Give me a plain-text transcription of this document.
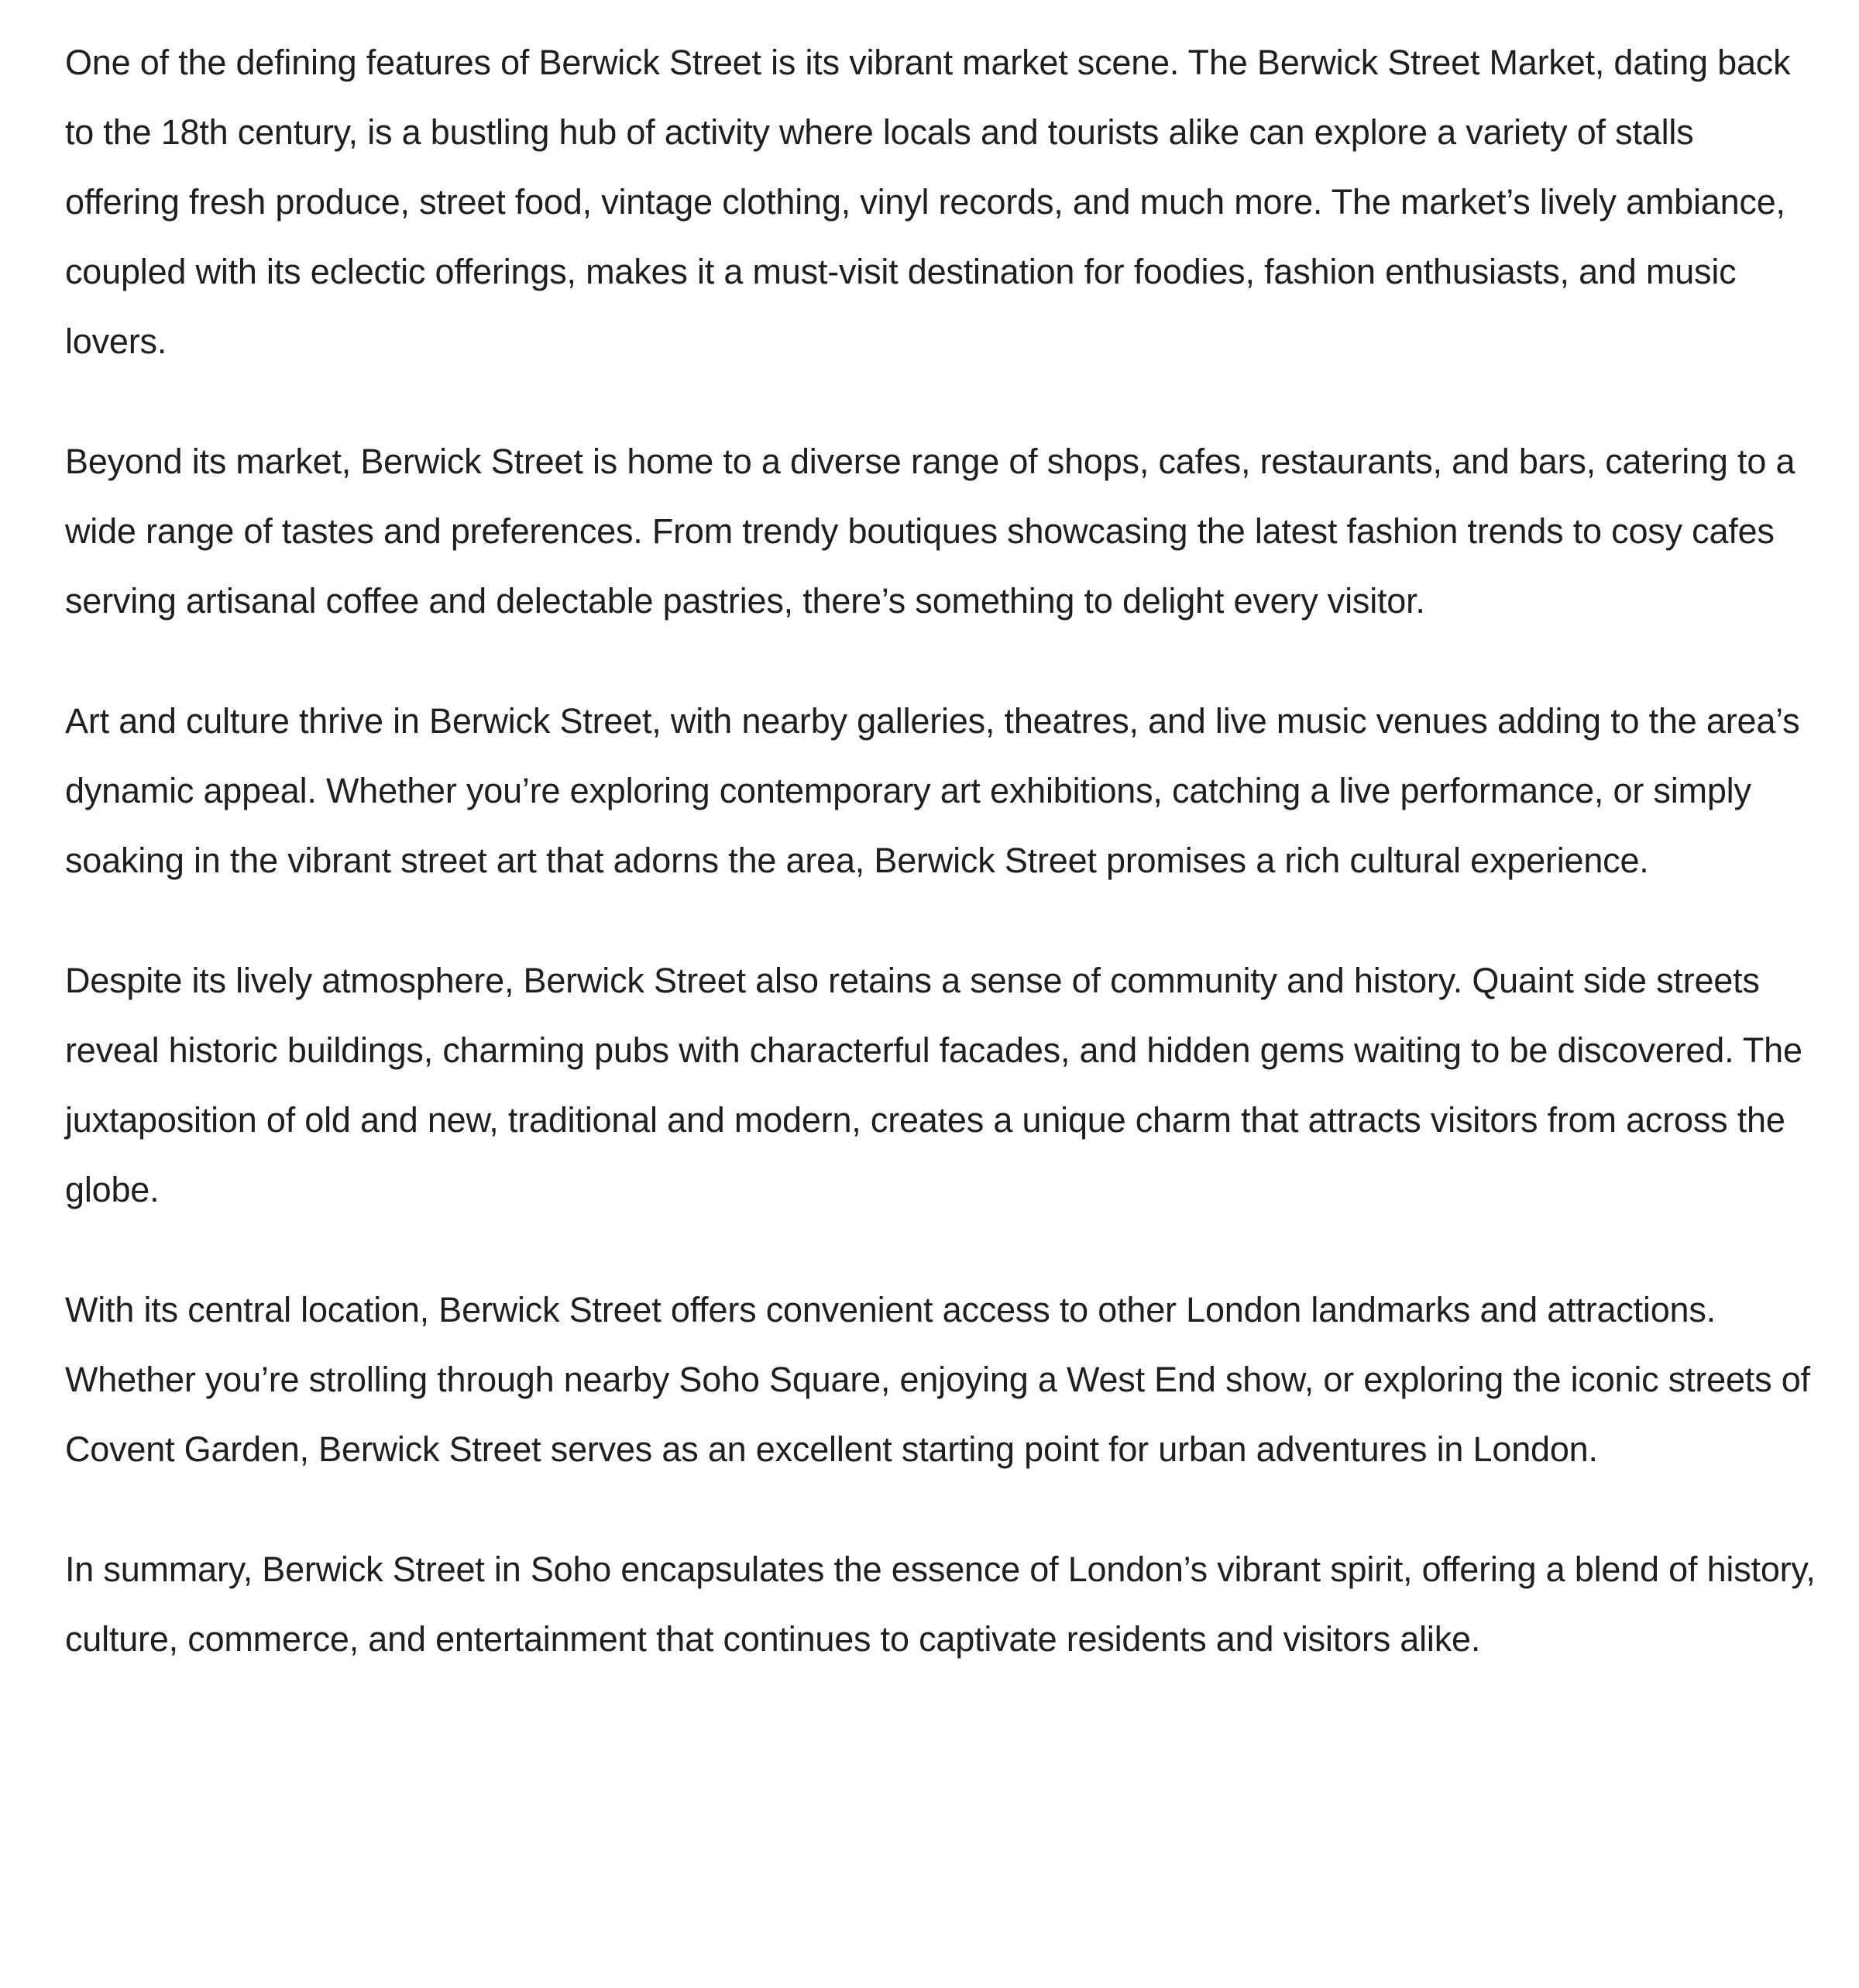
One of the defining features of Berwick Street is its vibrant market scene. The Berwick Street Market, dating back to the 18th century, is a bustling hub of activity where locals and tourists alike can explore a variety of stalls offering fresh produce, street food, vintage clothing, vinyl records, and much more. The market’s lively ambiance, coupled with its eclectic offerings, makes it a must-visit destination for foodies, fashion enthusiasts, and music lovers.

Beyond its market, Berwick Street is home to a diverse range of shops, cafes, restaurants, and bars, catering to a wide range of tastes and preferences. From trendy boutiques showcasing the latest fashion trends to cosy cafes serving artisanal coffee and delectable pastries, there’s something to delight every visitor.

Art and culture thrive in Berwick Street, with nearby galleries, theatres, and live music venues adding to the area’s dynamic appeal. Whether you’re exploring contemporary art exhibitions, catching a live performance, or simply soaking in the vibrant street art that adorns the area, Berwick Street promises a rich cultural experience.

Despite its lively atmosphere, Berwick Street also retains a sense of community and history. Quaint side streets reveal historic buildings, charming pubs with characterful facades, and hidden gems waiting to be discovered. The juxtaposition of old and new, traditional and modern, creates a unique charm that attracts visitors from across the globe.

With its central location, Berwick Street offers convenient access to other London landmarks and attractions. Whether you’re strolling through nearby Soho Square, enjoying a West End show, or exploring the iconic streets of Covent Garden, Berwick Street serves as an excellent starting point for urban adventures in London.

In summary, Berwick Street in Soho encapsulates the essence of London’s vibrant spirit, offering a blend of history, culture, commerce, and entertainment that continues to captivate residents and visitors alike.
